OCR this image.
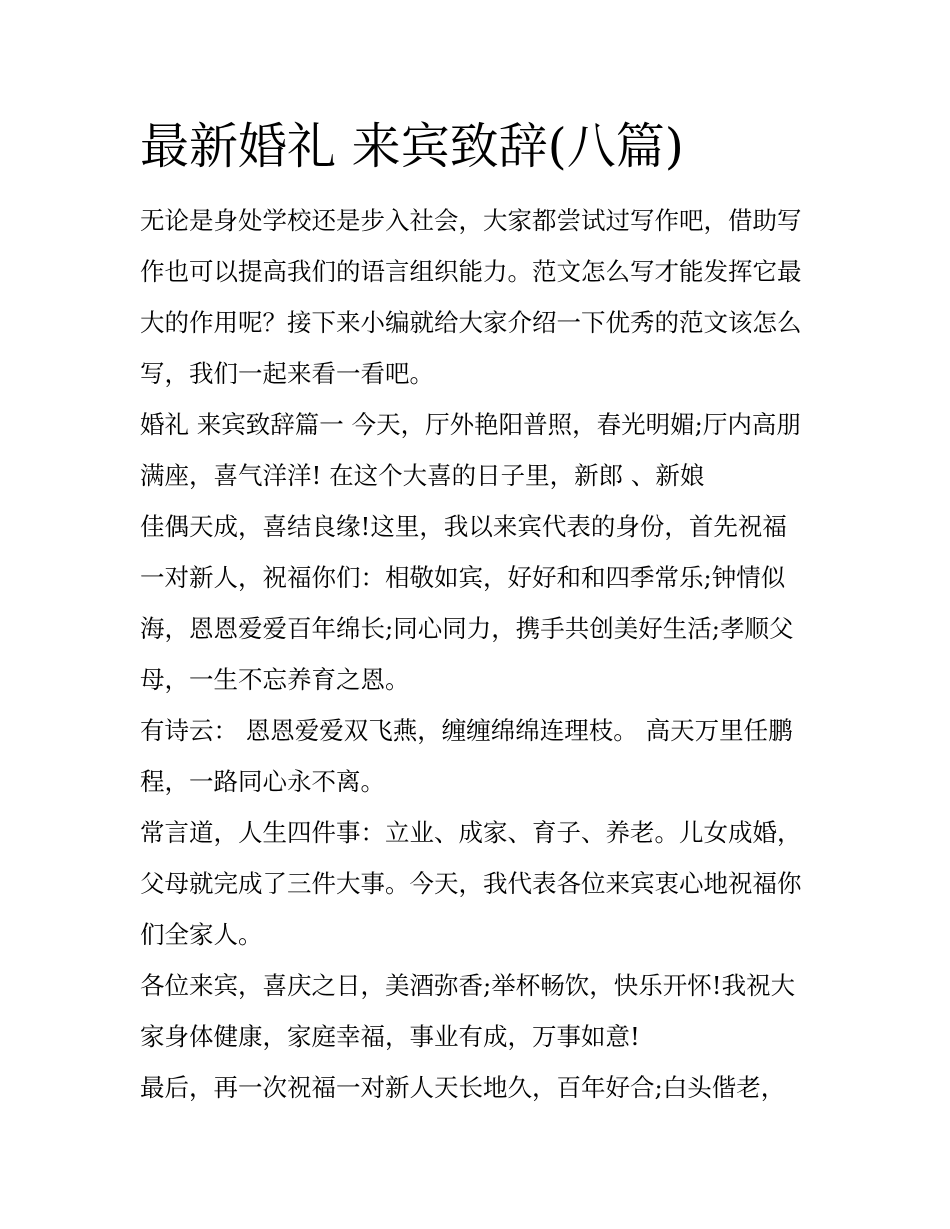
最新婚礼 来宾致辞(八篇)

无论是身处学校还是步入社会，大家都尝试过写作吧，借助写

作也可以提高我们的语言组织能力。范文怎么写才能发挥它最

大的作用呢？接下来小编就给大家介绍一下优秀的范文该怎么

写，我们一起来看一看吧。

婚礼 来宾致辞篇一 今天，厅外艳阳普照，春光明媚;厅内高朋

满座，喜气洋洋! 在这个大喜的日子里，新郎 、新娘

佳偶天成，喜结良缘!这里，我以来宾代表的身份，首先祝福

一对新人，祝福你们：相敬如宾，好好和和四季常乐;钟情似

海，恩恩爱爱百年绵长;同心同力，携手共创美好生活;孝顺父

母，一生不忘养育之恩。

有诗云： 恩恩爱爱双飞燕，缠缠绵绵连理枝。 高天万里任鹏

程，一路同心永不离。

常言道，人生四件事：立业、成家、育子、养老。儿女成婚，

父母就完成了三件大事。今天，我代表各位来宾衷心地祝福你

们全家人。

各位来宾，喜庆之日，美酒弥香;举杯畅饮，快乐开怀!我祝大

家身体健康，家庭幸福，事业有成，万事如意!

最后，再一次祝福一对新人天长地久，百年好合;白头偕老，
